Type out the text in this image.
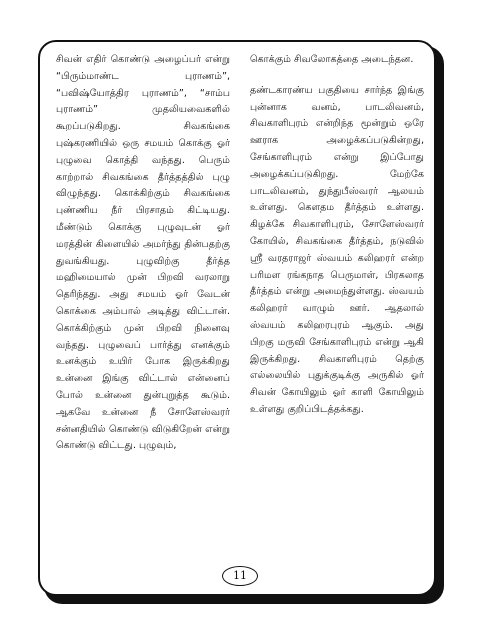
சிவன் எதிர் கொண்டு அழைப்பர் என்று “பிரும்மாண்ட புராணம்”, “பவிஷ்யோத்திர புராணம்”, “சாம்ப புராணம்” முதலியவைகளில் கூறப்படுகிறது. சிவகங்கை புஷ்கரணியில் ஒரு சமயம் கொக்கு ஓர் புழுவை கொத்தி வந்தது. பெரும் காற்றால் சிவகங்கை தீர்த்தத்தில் புழு விழுந்தது. கொக்கிற்கும் சிவகங்கை புண்ணிய நீர் பிரசாதம் கிட்டியது. மீண்டும் கொக்கு புழுவுடன் ஓர் மரத்தின் கிளையில் அமர்ந்து தின்பதற்கு துவங்கியது. புழுவிற்கு தீர்த்த மஹிமையால் முன் பிறவி வரலாறு தெரிந்தது. அது சமயம் ஓர் வேடன் கொக்கை அம்பால் அடித்து விட்டான். கொக்கிற்கும் முன் பிறவி நினைவு வந்தது. புழுவைப் பார்த்து எனக்கும் உனக்கும் உயிர் போக இருக்கிறது உன்னை இங்கு விட்டால் என்னைப் போல் உன்னை துன்புறுத்த கூடும். ஆகவே உன்னை நீ சோளேஸ்வரர் சன்னதியில் கொண்டு விடுகிறேன் என்று கொண்டு விட்டது. புழுவும்,

கொக்கும் சிவலோகத்தை அடைந்தன.

தண்டகாரண்ய பகுதியை சார்ந்த இங்கு புன்னாக வனம், பாடலிவனம், சிவகாளிபுரம் என்றிந்த மூன்றும் ஒரே ஊராக அழைக்கப்படுகின்றது, சேங்காளிபுரம் என்று இப்போது அழைக்கப்படுகிறது. மேற்கே பாடலிவனம், துந்துபீஸ்வரர் ஆலயம் உள்ளது. கௌதம தீர்த்தம் உள்ளது. கிழக்கே சிவகாளிபுரம், சோளேஸ்வரர் கோயில், சிவகங்கை தீர்த்தம், நடுவில் ஸ்ரீ வரதராஜர் ஸ்வயம் கலிஹரர் என்ற பரிமள ரங்கநாத பெருமாள், பிரகலாத தீர்த்தம் என்று அமைந்துள்ளது. ஸ்வயம் கலிஹரர் வாழும் ஊர். ஆதலால் ஸ்வயம் கலிஹரபுரம் ஆகும். அது பிறகு மருவி சேங்காளிபுரம் என்று ஆகி இருக்கிறது. சிவகாளிபுரம் தெற்கு எல்லையில் புதுக்குடிக்கு அருகில் ஓர் சிவன் கோயிலும் ஓர் காளி கோயிலும் உள்ளது குறிப்பிடத்தக்கது.

11
